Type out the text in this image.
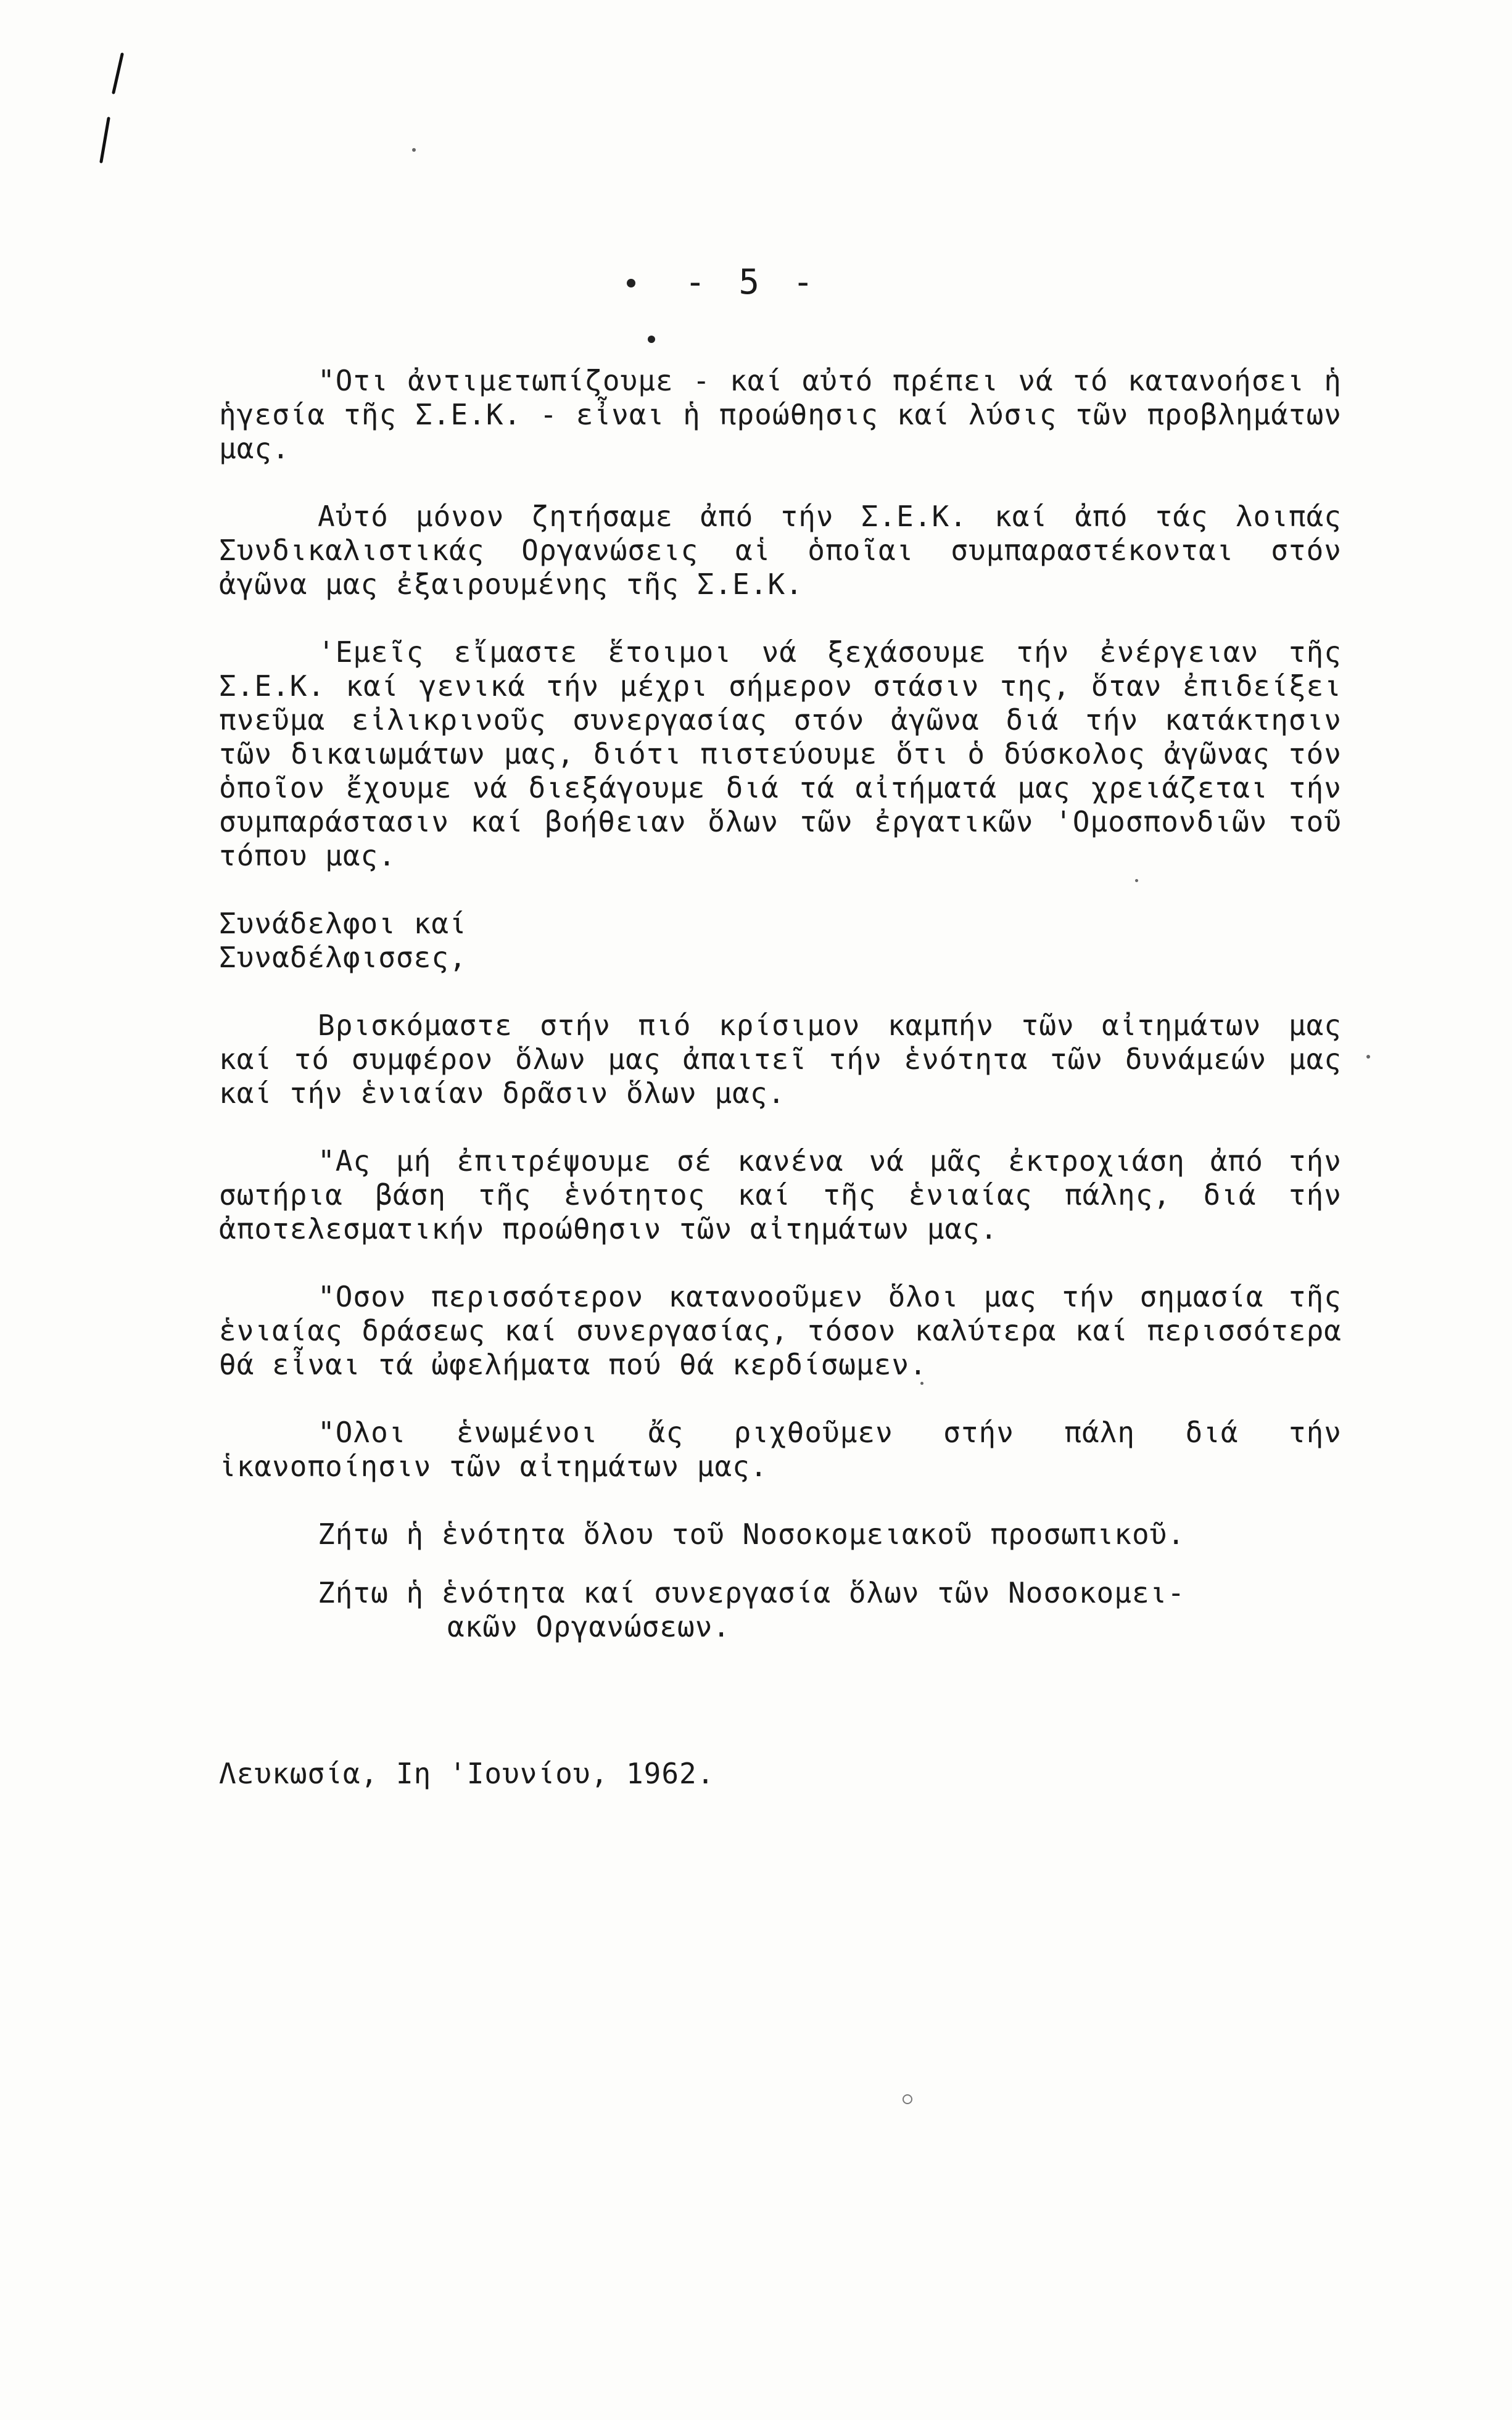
- 5 -

"Οτι ἀντιμετωπίζουμε - καί αὐτό πρέπει νά τό κατανοήσει ἡ ἡγεσία τῆς Σ.Ε.Κ. - εἶναι ἡ προώθησις καί λύσις τῶν προβλημάτων μας.

Αὐτό μόνον ζητήσαμε ἀπό τήν Σ.Ε.Κ. καί ἀπό τάς λοιπάς Συνδικαλιστικάς Οργανώσεις αἱ ὁποῖαι συμπαραστέκονται στόν ἀγῶνα μας ἐξαιρουμένης τῆς Σ.Ε.Κ.

'Εμεῖς εἴμαστε ἕτοιμοι νά ξεχάσουμε τήν ἐνέργειαν τῆς Σ.Ε.Κ. καί γενικά τήν μέχρι σήμερον στάσιν της, ὅταν ἐπιδείξει πνεῦμα εἰλικρινοῦς συνεργασίας στόν ἀγῶνα διά τήν κατάκτησιν τῶν δικαιωμάτων μας, διότι πιστεύουμε ὅτι ὁ δύσκολος ἀγῶνας τόν ὁποῖον ἔχουμε νά διεξάγουμε διά τά αἰτήματά μας χρειάζεται τήν συμπαράστασιν καί βοήθειαν ὅλων τῶν ἐργατικῶν 'Ομοσπονδιῶν τοῦ τόπου μας.

Συνάδελφοι καί
Συναδέλφισσες,

Βρισκόμαστε στήν πιό κρίσιμον καμπήν τῶν αἰτημάτων μας καί τό συμφέρον ὅλων μας ἀπαιτεῖ τήν ἑνότητα τῶν δυνάμεών μας καί τήν ἑνιαίαν δρᾶσιν ὅλων μας.

"Ας μή ἐπιτρέψουμε σέ κανένα νά μᾶς ἐκτροχιάση ἀπό τήν σωτήρια βάση τῆς ἑνότητος καί τῆς ἑνιαίας πάλης, διά τήν ἀποτελεσματικήν προώθησιν τῶν αἰτημάτων μας.

"Οσον περισσότερον κατανοοῦμεν ὅλοι μας τήν σημασία τῆς ἑνιαίας δράσεως καί συνεργασίας, τόσον καλύτερα καί περισσότερα θά εἶναι τά ὠφελήματα πού θά κερδίσωμεν.

"Ολοι ἑνωμένοι ἄς ριχθοῦμεν στήν πάλη διά τήν ἱκανοποίησιν τῶν αἰτημάτων μας.

Ζήτω ἡ ἑνότητα ὅλου τοῦ Νοσοκομειακοῦ προσωπικοῦ.
Ζήτω ἡ ἑνότητα καί συνεργασία ὅλων τῶν Νοσοκομει-
ακῶν Οργανώσεων.
Λευκωσία, Ιη 'Ιουνίου, 1962.
